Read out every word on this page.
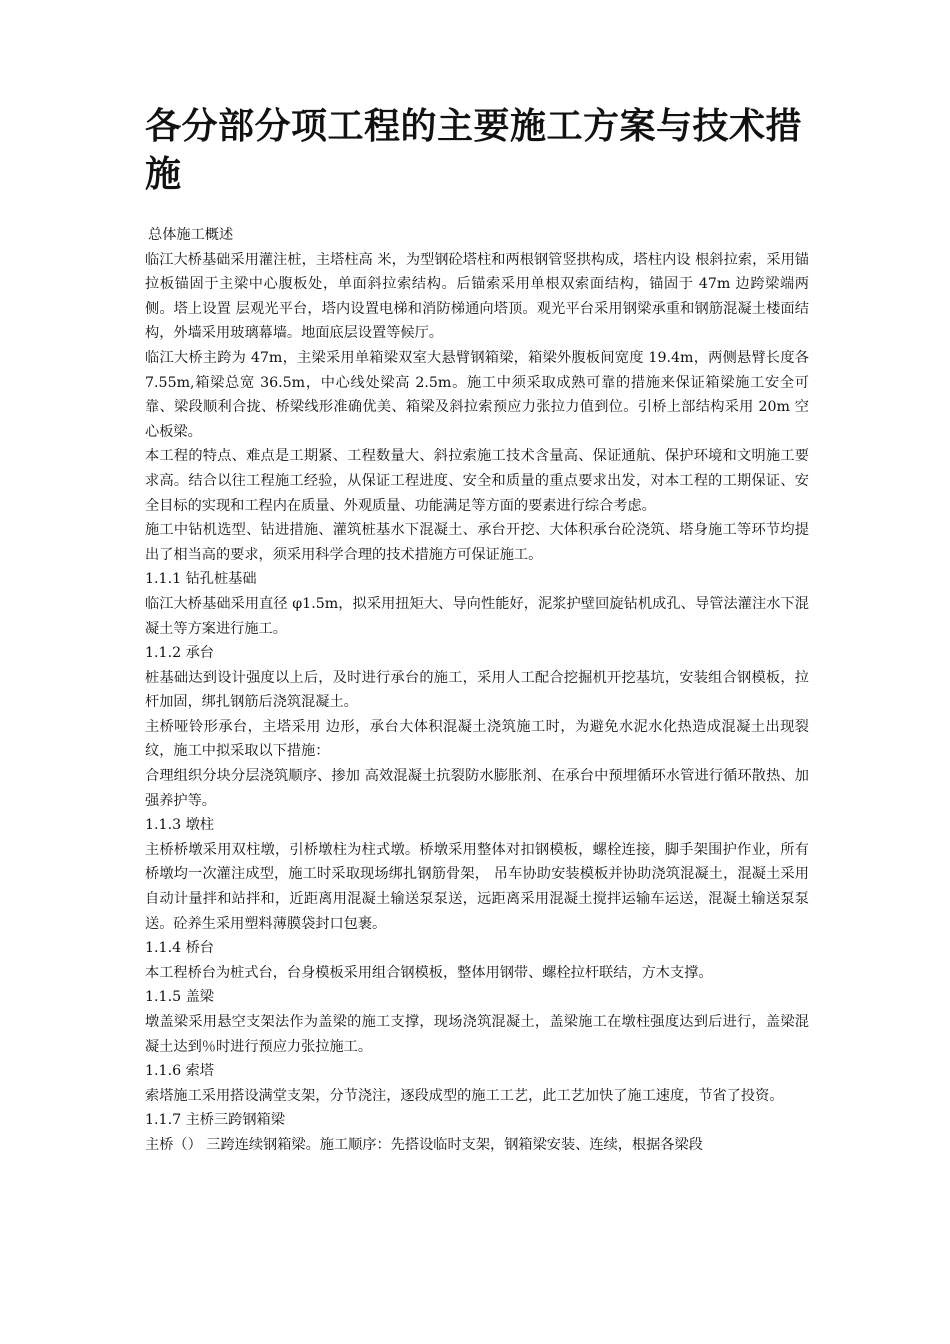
各分部分项工程的主要施工方案与技术措施

总体施工概述

临江大桥基础采用灌注桩，主塔柱高 米，为型钢砼塔柱和两根钢管竖拱构成，塔柱内设 根斜拉索，采用锚拉板锚固于主梁中心腹板处，单面斜拉索结构。后锚索采用单根双索面结构，锚固于 47m 边跨梁端两侧。塔上设置 层观光平台，塔内设置电梯和消防梯通向塔顶。观光平台采用钢梁承重和钢筋混凝土楼面结构，外墙采用玻璃幕墙。地面底层设置等候厅。

临江大桥主跨为 47m，主梁采用单箱梁双室大悬臂钢箱梁，箱梁外腹板间宽度 19.4m，两侧悬臂长度各 7.55m,箱梁总宽 36.5m，中心线处梁高 2.5m。施工中须采取成熟可靠的措施来保证箱梁施工安全可靠、梁段顺利合拢、桥梁线形准确优美、箱梁及斜拉索预应力张拉力值到位。引桥上部结构采用 20m 空心板梁。

本工程的特点、难点是工期紧、工程数量大、斜拉索施工技术含量高、保证通航、保护环境和文明施工要求高。结合以往工程施工经验，从保证工程进度、安全和质量的重点要求出发，对本工程的工期保证、安全目标的实现和工程内在质量、外观质量、功能满足等方面的要素进行综合考虑。

施工中钻机选型、钻进措施、灌筑桩基水下混凝土、承台开挖、大体积承台砼浇筑、塔身施工等环节均提出了相当高的要求，须采用科学合理的技术措施方可保证施工。

1.1.1 钻孔桩基础

临江大桥基础采用直径 φ1.5m，拟采用扭矩大、导向性能好，泥浆护壁回旋钻机成孔、导管法灌注水下混凝土等方案进行施工。

1.1.2 承台

桩基础达到设计强度以上后，及时进行承台的施工，采用人工配合挖掘机开挖基坑，安装组合钢模板，拉杆加固，绑扎钢筋后浇筑混凝土。

主桥哑铃形承台，主塔采用 边形，承台大体积混凝土浇筑施工时，为避免水泥水化热造成混凝土出现裂纹，施工中拟采取以下措施：

合理组织分块分层浇筑顺序、掺加 高效混凝土抗裂防水膨胀剂、在承台中预埋循环水管进行循环散热、加强养护等。

1.1.3 墩柱

主桥桥墩采用双柱墩，引桥墩柱为柱式墩。桥墩采用整体对扣钢模板，螺栓连接，脚手架围护作业，所有桥墩均一次灌注成型，施工时采取现场绑扎钢筋骨架， 吊车协助安装模板并协助浇筑混凝土，混凝土采用自动计量拌和站拌和，近距离用混凝土输送泵泵送，远距离采用混凝土搅拌运输车运送，混凝土输送泵泵送。砼养生采用塑料薄膜袋封口包裹。

1.1.4 桥台

本工程桥台为桩式台，台身模板采用组合钢模板，整体用钢带、螺栓拉杆联结，方木支撑。

1.1.5 盖梁

墩盖梁采用悬空支架法作为盖梁的施工支撑，现场浇筑混凝土，盖梁施工在墩柱强度达到后进行，盖梁混凝土达到％时进行预应力张拉施工。

1.1.6 索塔

索塔施工采用搭设满堂支架，分节浇注，逐段成型的施工工艺，此工艺加快了施工速度，节省了投资。

1.1.7 主桥三跨钢箱梁

主桥（） 三跨连续钢箱梁。施工顺序：先搭设临时支架，钢箱梁安装、连续，根据各梁段
